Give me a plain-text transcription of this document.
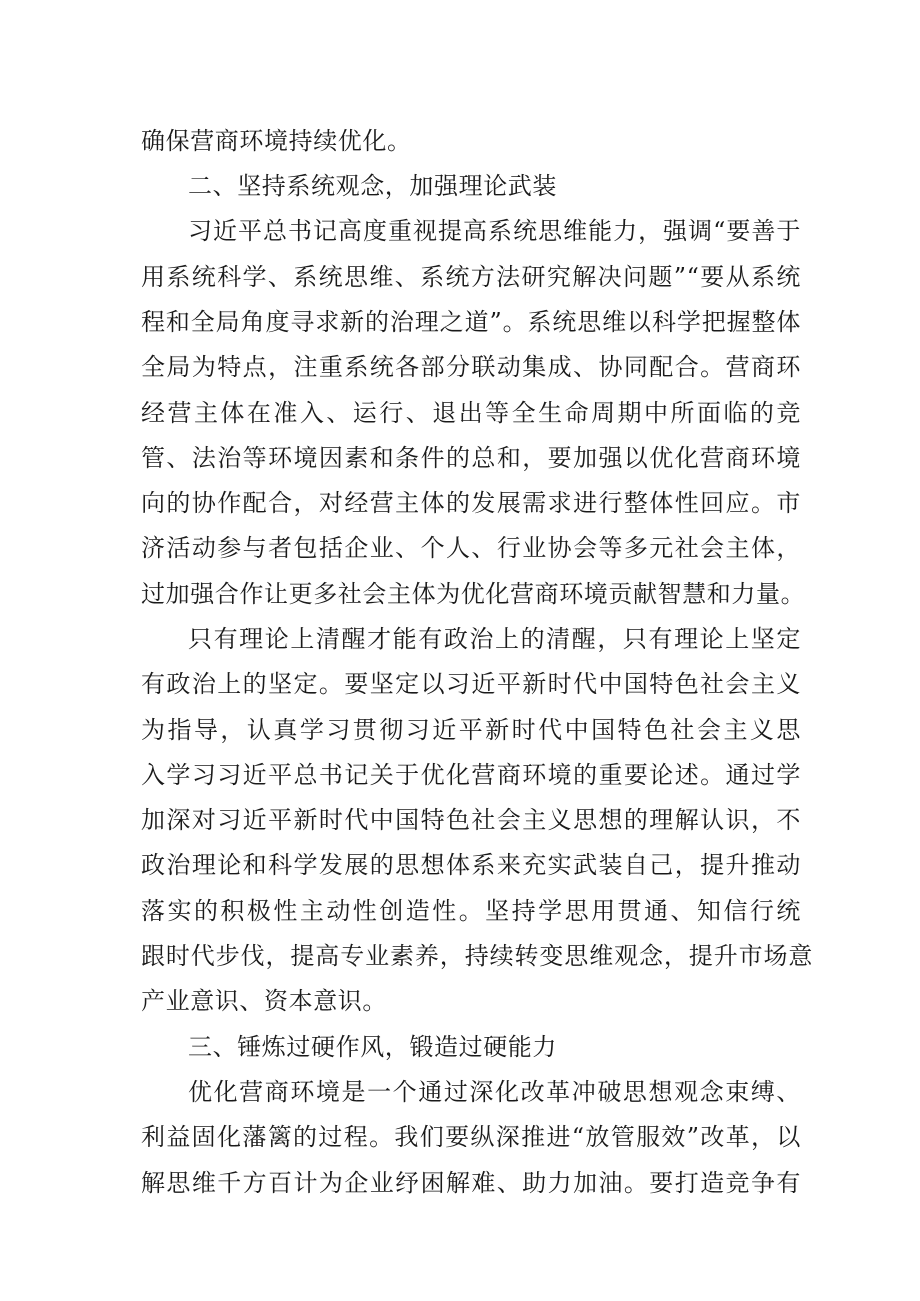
确保营商环境持续优化。
二、坚持系统观念，加强理论武装
习近平总书记高度重视提高系统思维能力，强调“要善于
用系统科学、系统思维、系统方法研究解决问题”“要从系统
程和全局角度寻求新的治理之道”。系统思维以科学把握整体
全局为特点，注重系统各部分联动集成、协同配合。营商环
经营主体在准入、运行、退出等全生命周期中所面临的竞
管、法治等环境因素和条件的总和，要加强以优化营商环境
向的协作配合，对经营主体的发展需求进行整体性回应。市
济活动参与者包括企业、个人、行业协会等多元社会主体，
过加强合作让更多社会主体为优化营商环境贡献智慧和力量。
只有理论上清醒才能有政治上的清醒，只有理论上坚定
有政治上的坚定。要坚定以习近平新时代中国特色社会主义
为指导，认真学习贯彻习近平新时代中国特色社会主义思
入学习习近平总书记关于优化营商环境的重要论述。通过学
加深对习近平新时代中国特色社会主义思想的理解认识，不
政治理论和科学发展的思想体系来充实武装自己，提升推动
落实的积极性主动性创造性。坚持学思用贯通、知信行统
跟时代步伐，提高专业素养，持续转变思维观念，提升市场意
产业意识、资本意识。
三、锤炼过硬作风，锻造过硬能力
优化营商环境是一个通过深化改革冲破思想观念束缚、
利益固化藩篱的过程。我们要纵深推进“放管服效”改革，以
解思维千方百计为企业纾困解难、助力加油。要打造竞争有
